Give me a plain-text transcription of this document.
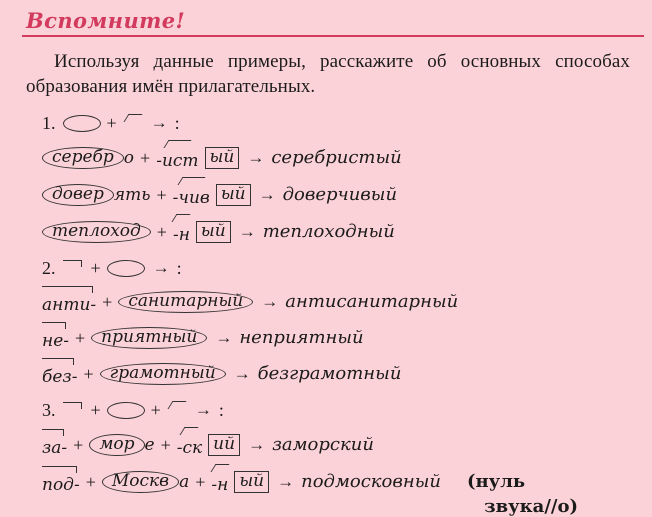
Вспомните!

Используя данные примеры, расскажите об основных способах образования имён прилагательных.

1.	+ → :
серебр о + -ист ый → серебристый
довер ять + -чив ый → доверчивый
теплоход + -н ый → теплоходный
2. +	→ :
анти- + санитарный	→ антисанитарный
не- + приятный	→ неприятный
без- + грамотный	→ безграмотный
3. +	+ → :
за- + мор е + -ск ий → заморский
под- + Москв а + -н ый → подмосковный (нуль
звука//о)
